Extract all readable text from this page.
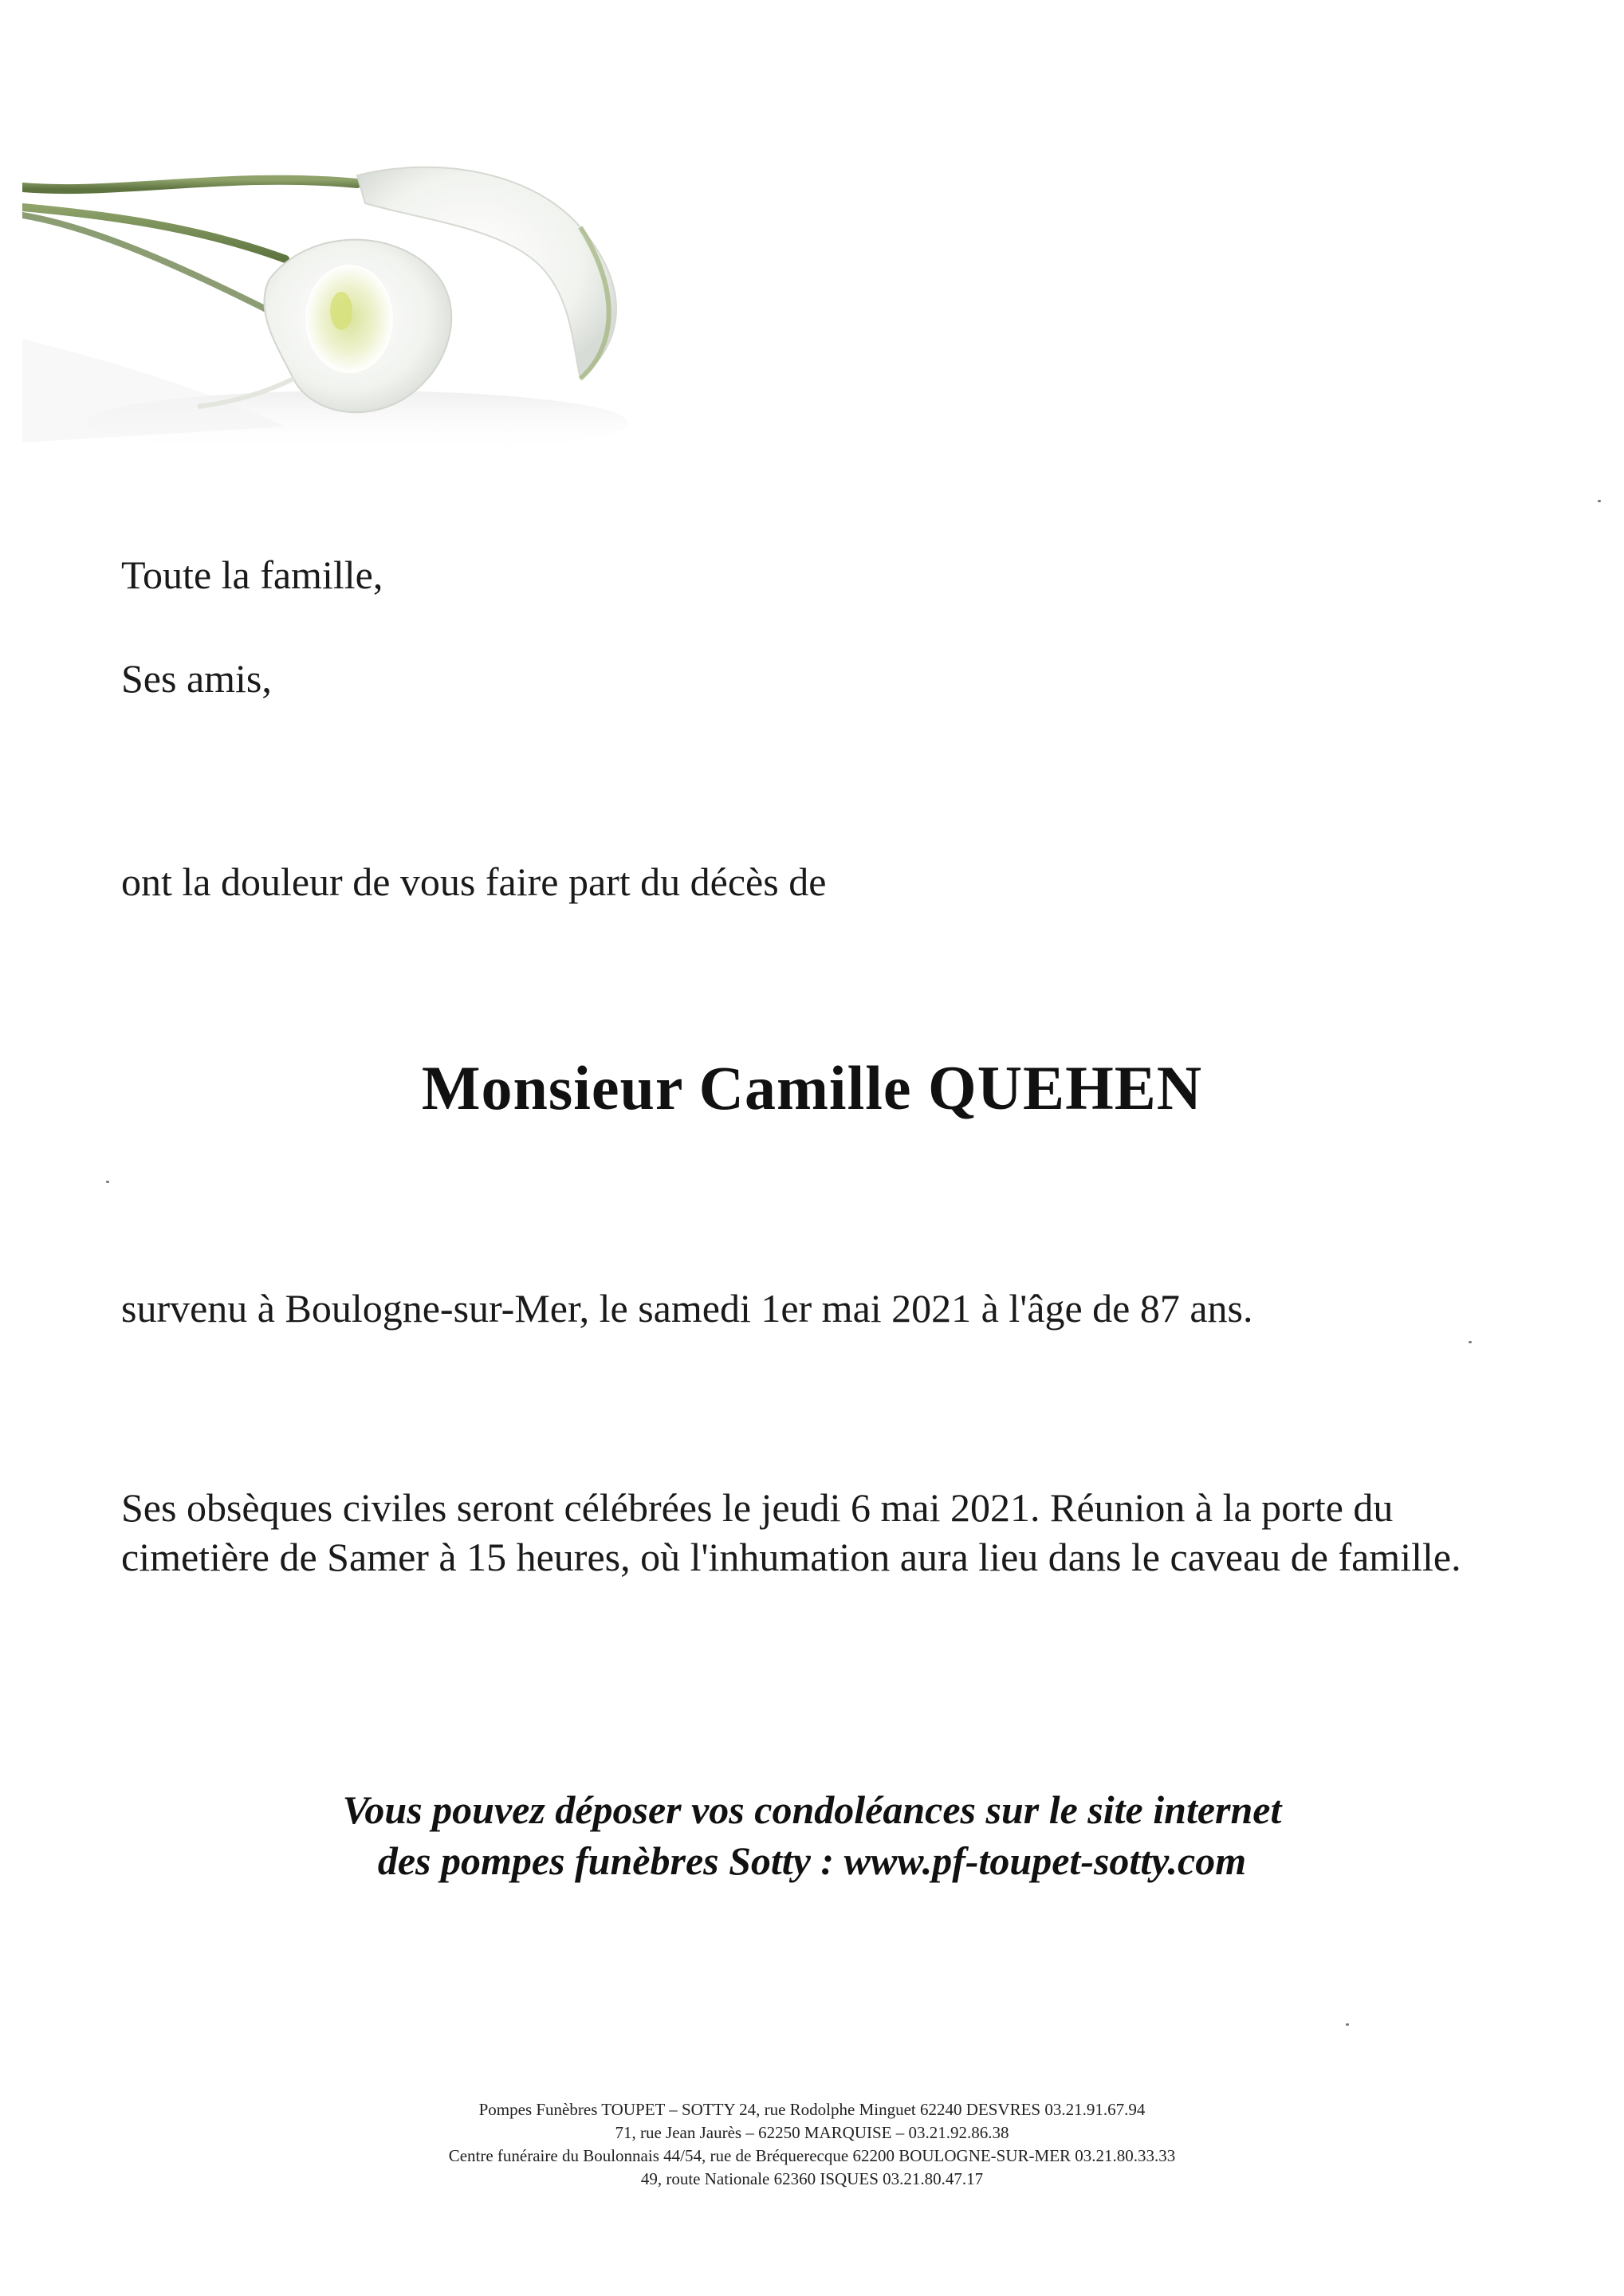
Toute la famille,
Ses amis,
ont la douleur de vous faire part du décès de
Monsieur Camille QUEHEN
survenu à Boulogne-sur-Mer, le samedi 1er mai 2021 à l'âge de 87 ans.

Ses obsèques civiles seront célébrées le jeudi 6 mai 2021. Réunion à la porte du cimetière de Samer à 15 heures, où l'inhumation aura lieu dans le caveau de famille.

Vous pouvez déposer vos condoléances sur le site internet
des pompes funèbres Sotty : www.pf-toupet-sotty.com
Pompes Funèbres TOUPET – SOTTY 24, rue Rodolphe Minguet 62240 DESVRES 03.21.91.67.94
71, rue Jean Jaurès – 62250 MARQUISE – 03.21.92.86.38
Centre funéraire du Boulonnais 44/54, rue de Bréquerecque 62200 BOULOGNE-SUR-MER 03.21.80.33.33
49, route Nationale 62360 ISQUES 03.21.80.47.17
